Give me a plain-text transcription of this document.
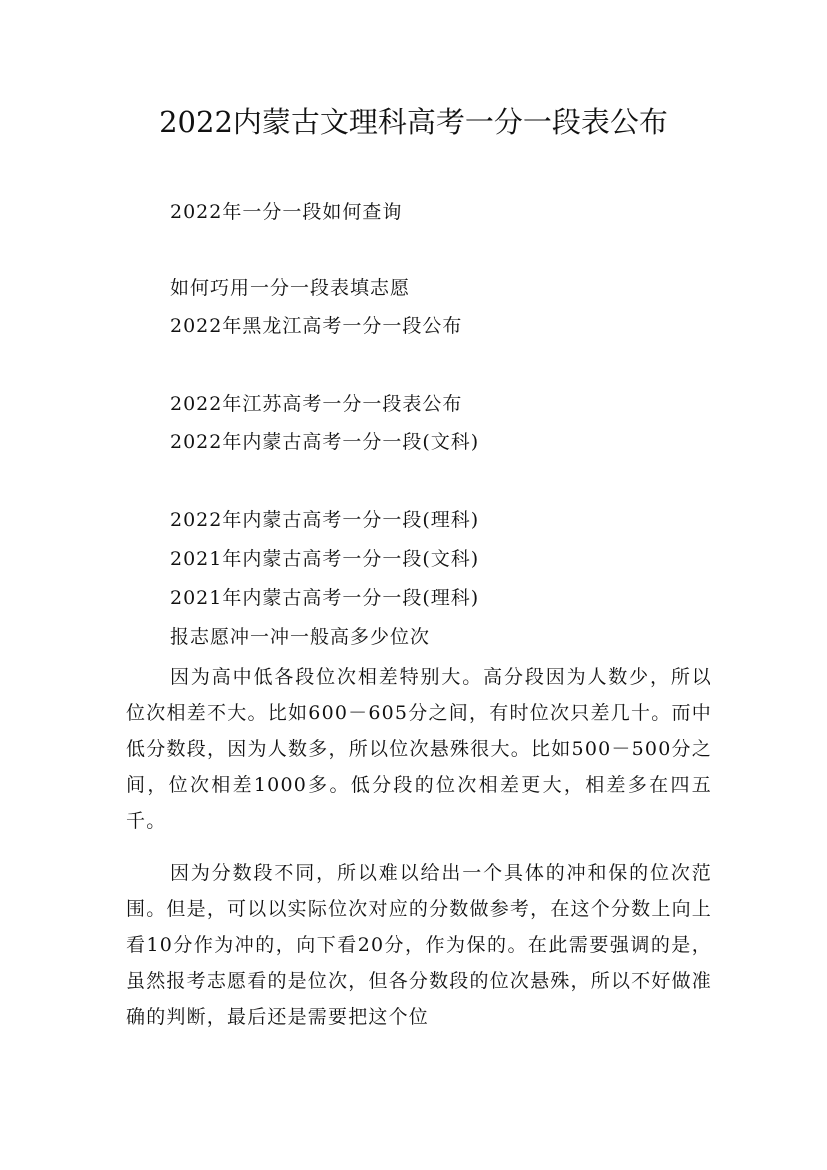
2022内蒙古文理科高考一分一段表公布
2022年一分一段如何查询
如何巧用一分一段表填志愿
2022年黑龙江高考一分一段公布
2022年江苏高考一分一段表公布
2022年内蒙古高考一分一段(文科)
2022年内蒙古高考一分一段(理科)
2021年内蒙古高考一分一段(文科)
2021年内蒙古高考一分一段(理科)
报志愿冲一冲一般高多少位次
因为高中低各段位次相差特别大。高分段因为人数少，所以位次相差不大。比如600－605分之间，有时位次只差几十。而中低分数段，因为人数多，所以位次悬殊很大。比如500－500分之间，位次相差1000多。低分段的位次相差更大，相差多在四五千。
因为分数段不同，所以难以给出一个具体的冲和保的位次范围。但是，可以以实际位次对应的分数做参考，在这个分数上向上看10分作为冲的，向下看20分，作为保的。在此需要强调的是，虽然报考志愿看的是位次，但各分数段的位次悬殊，所以不好做准确的判断，最后还是需要把这个位
